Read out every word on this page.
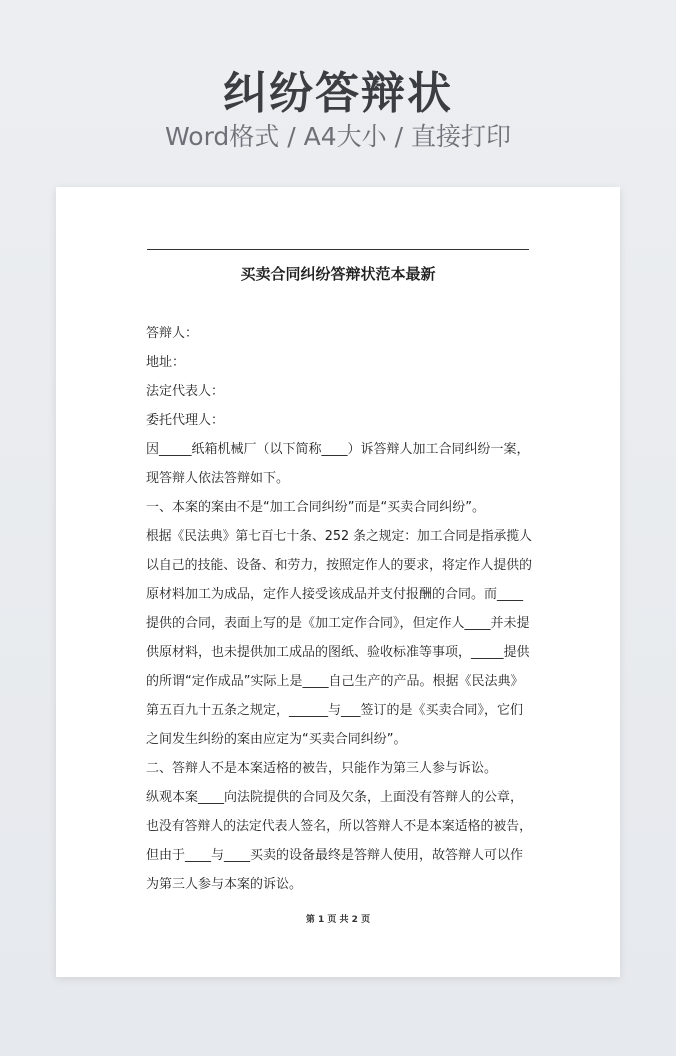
纠纷答辩状
Word格式 / A4大小 / 直接打印
买卖合同纠纷答辩状范本最新
答辩人：
地址：
法定代表人：
委托代理人：
因_____纸箱机械厂（以下简称____）诉答辩人加工合同纠纷一案，
现答辩人依法答辩如下。
一、本案的案由不是“加工合同纠纷”而是“买卖合同纠纷”。
根据《民法典》第七百七十条、252 条之规定：加工合同是指承揽人
以自己的技能、设备、和劳力，按照定作人的要求，将定作人提供的
原材料加工为成品，定作人接受该成品并支付报酬的合同。而____
提供的合同，表面上写的是《加工定作合同》，但定作人____并未提
供原材料，也未提供加工成品的图纸、验收标准等事项，_____提供
的所谓“定作成品”实际上是____自己生产的产品。根据《民法典》
第五百九十五条之规定，______与___签订的是《买卖合同》，它们
之间发生纠纷的案由应定为“买卖合同纠纷”。
二、答辩人不是本案适格的被告，只能作为第三人参与诉讼。
纵观本案____向法院提供的合同及欠条，上面没有答辩人的公章，
也没有答辩人的法定代表人签名，所以答辩人不是本案适格的被告，
但由于____与____买卖的设备最终是答辩人使用，故答辩人可以作
为第三人参与本案的诉讼。
第 1 页 共 2 页
